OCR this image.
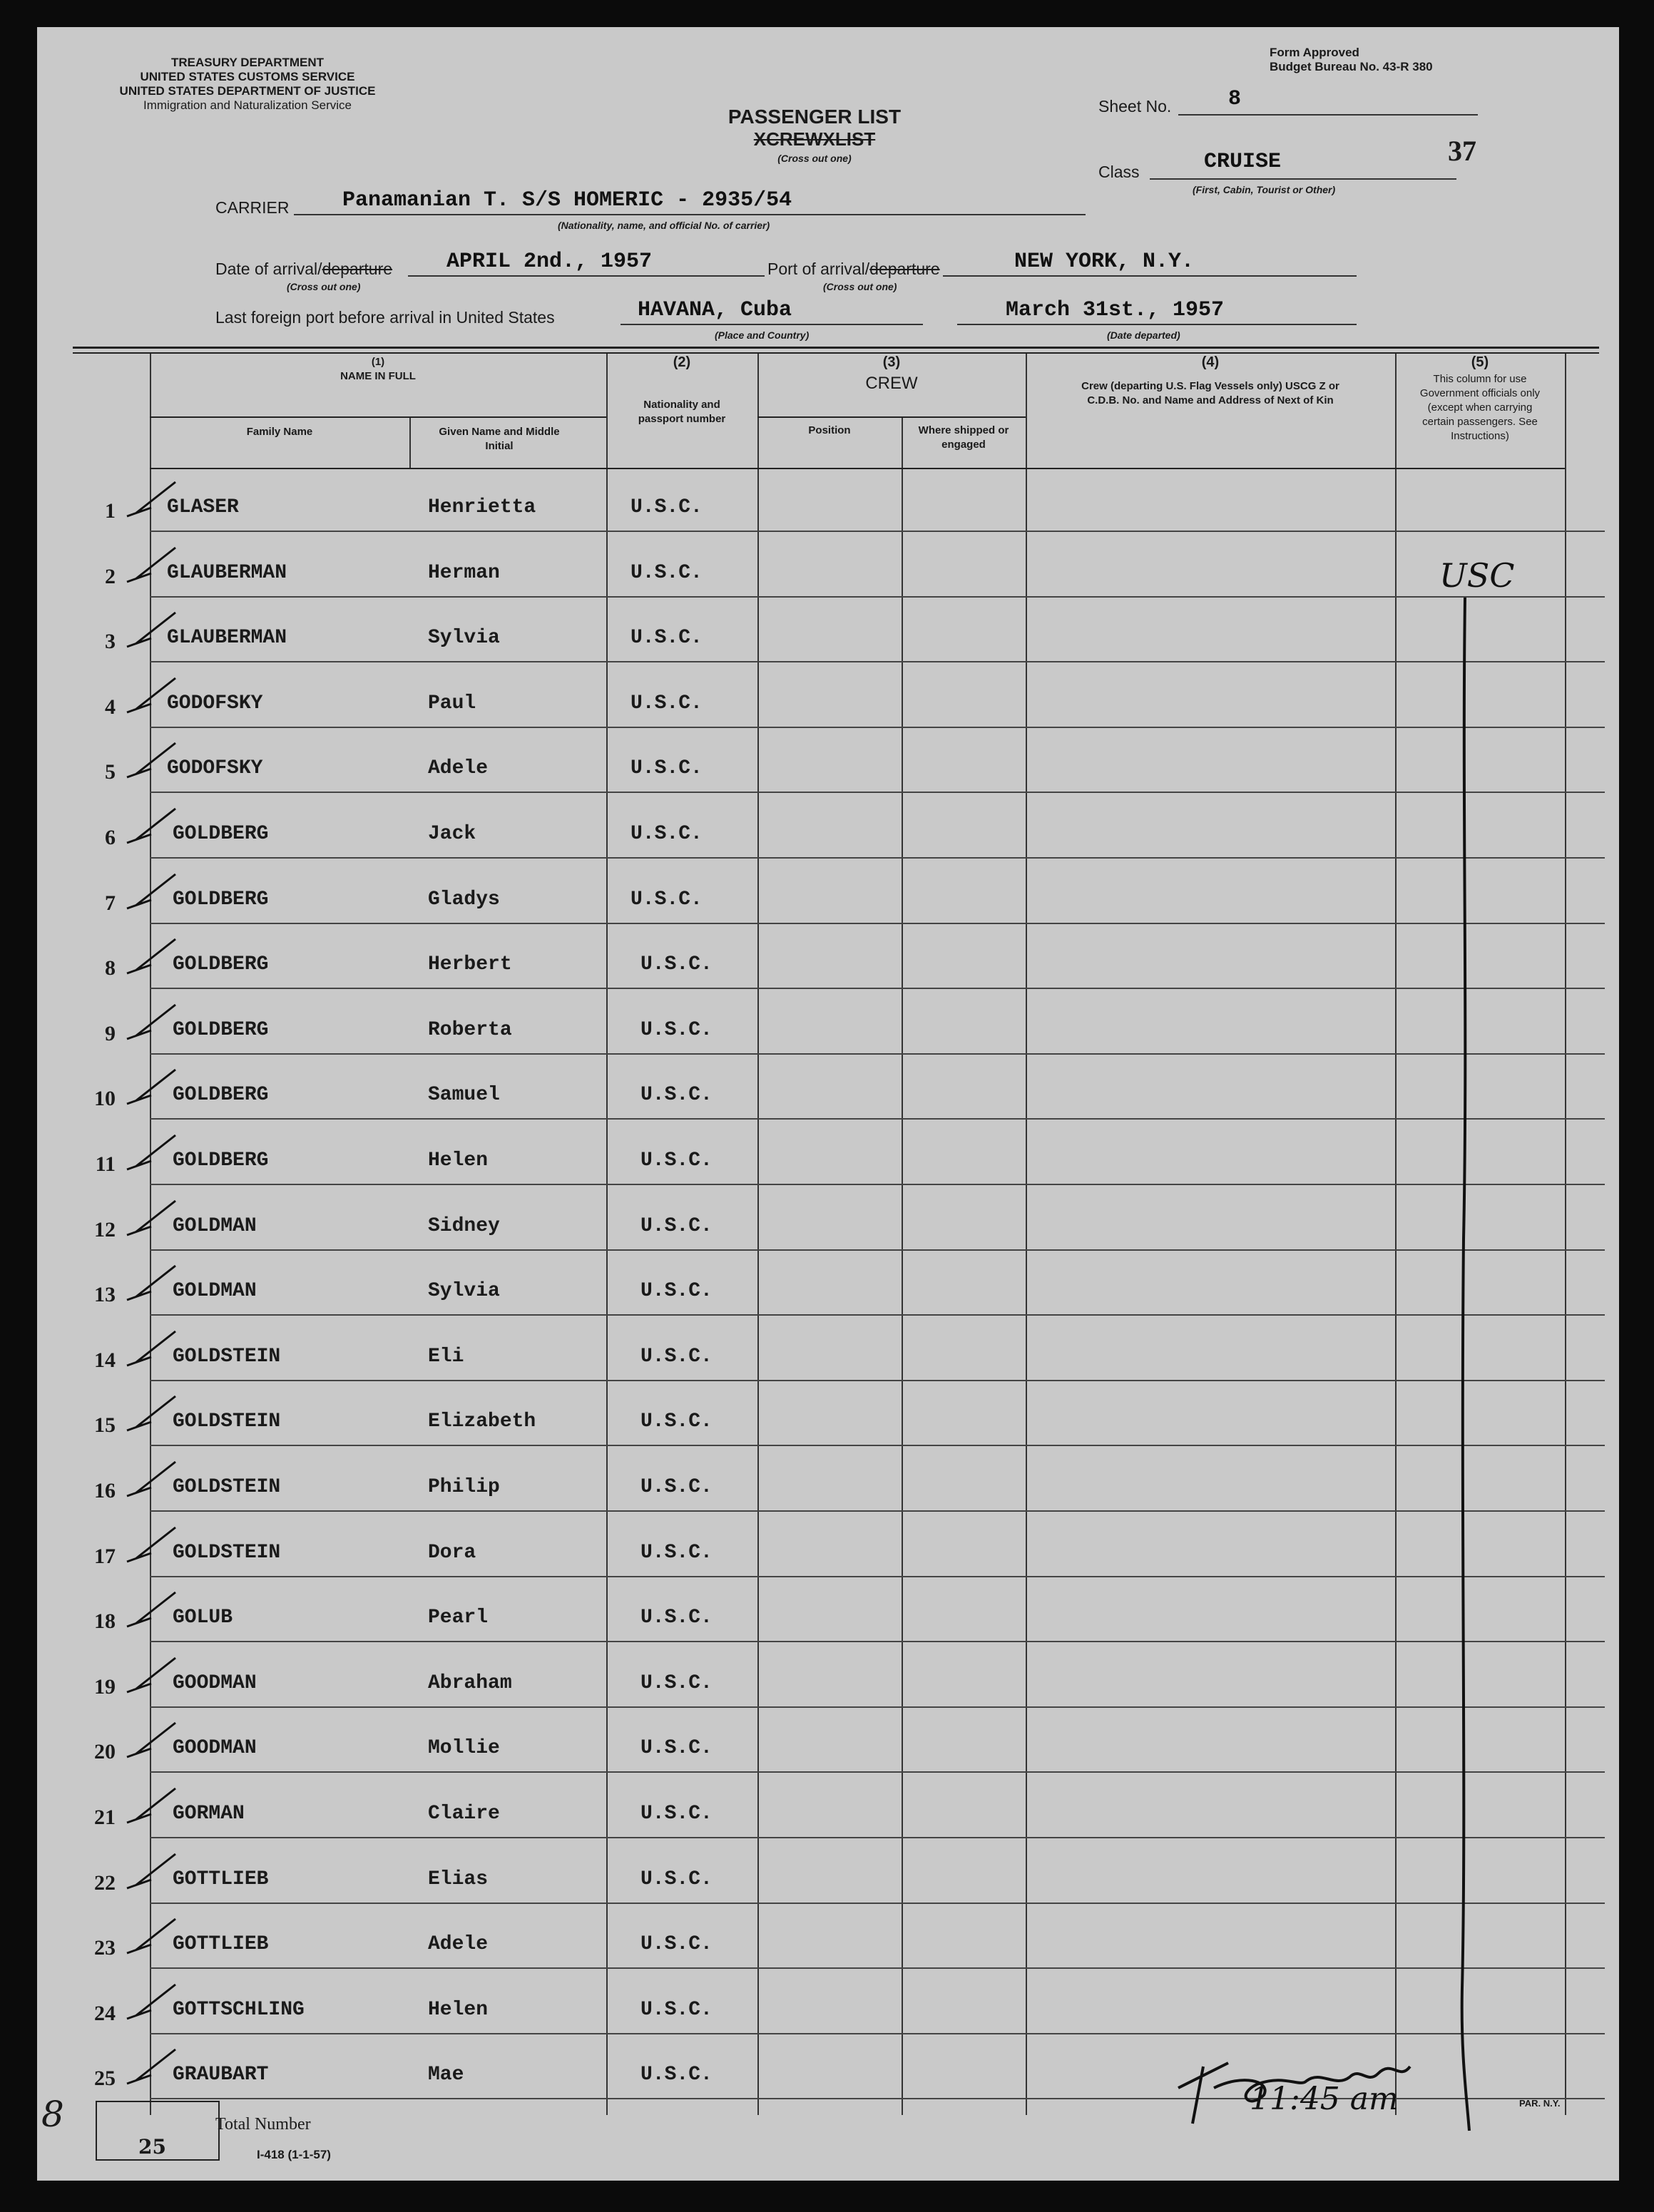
TREASURY DEPARTMENT
UNITED STATES CUSTOMS SERVICE
UNITED STATES DEPARTMENT OF JUSTICE
Immigration and Naturalization Service
Form Approved
Budget Bureau No. 43-R 380
PASSENGER LIST
XCREWXLIST
(Cross out one)
Sheet No.	8
37
Class	CRUISE
(First, Cabin, Tourist or Other)
CARRIER Panamanian T. S/S HOMERIC - 2935/54
(Nationality, name, and official No. of carrier)
Date of arrival/departure	APRIL 2nd., 1957
(Cross out one)
Port of arrival/departure	NEW YORK, N.Y.
(Cross out one)
Last foreign port before arrival in United States	HAVANA, Cuba
(Place and Country)
March 31st., 1957
(Date departed)
(1)
NAME IN FULL
Family Name	Given Name and Middle Initial
(2)
Nationality and passport number
(3)
CREW
Position	Where shipped or engaged
(4)
Crew (departing U.S. Flag Vessels only) USCG Z or C.D.B. No. and Name and Address of Next of Kin
(5)
This column for use Government officials only (except when carrying certain passengers. See Instructions)
1	GLASER	Henrietta	U.S.C.
2	GLAUBERMAN	Herman	U.S.C.
3	GLAUBERMAN	Sylvia	U.S.C.
4	GODOFSKY	Paul	U.S.C.
5	GODOFSKY	Adele	U.S.C.
6	GOLDBERG	Jack	U.S.C.
7	GOLDBERG	Gladys	U.S.C.
8	GOLDBERG	Herbert	U.S.C.
9	GOLDBERG	Roberta	U.S.C.
10	GOLDBERG	Samuel	U.S.C.
11	GOLDBERG	Helen	U.S.C.
12	GOLDMAN	Sidney	U.S.C.
13	GOLDMAN	Sylvia	U.S.C.
14	GOLDSTEIN	Eli	U.S.C.
15	GOLDSTEIN	Elizabeth	U.S.C.
16	GOLDSTEIN	Philip	U.S.C.
17	GOLDSTEIN	Dora	U.S.C.
18	GOLUB	Pearl	U.S.C.
19	GOODMAN	Abraham	U.S.C.
20	GOODMAN	Mollie	U.S.C.
21	GORMAN	Claire	U.S.C.
22	GOTTLIEB	Elias	U.S.C.
23	GOTTLIEB	Adele	U.S.C.
24	GOTTSCHLING	Helen	U.S.C.
25	GRAUBART	Mae	U.S.C.
USC
11:45 am
8
25
Total Number
I-418 (1-1-57)
PAR. N.Y.
